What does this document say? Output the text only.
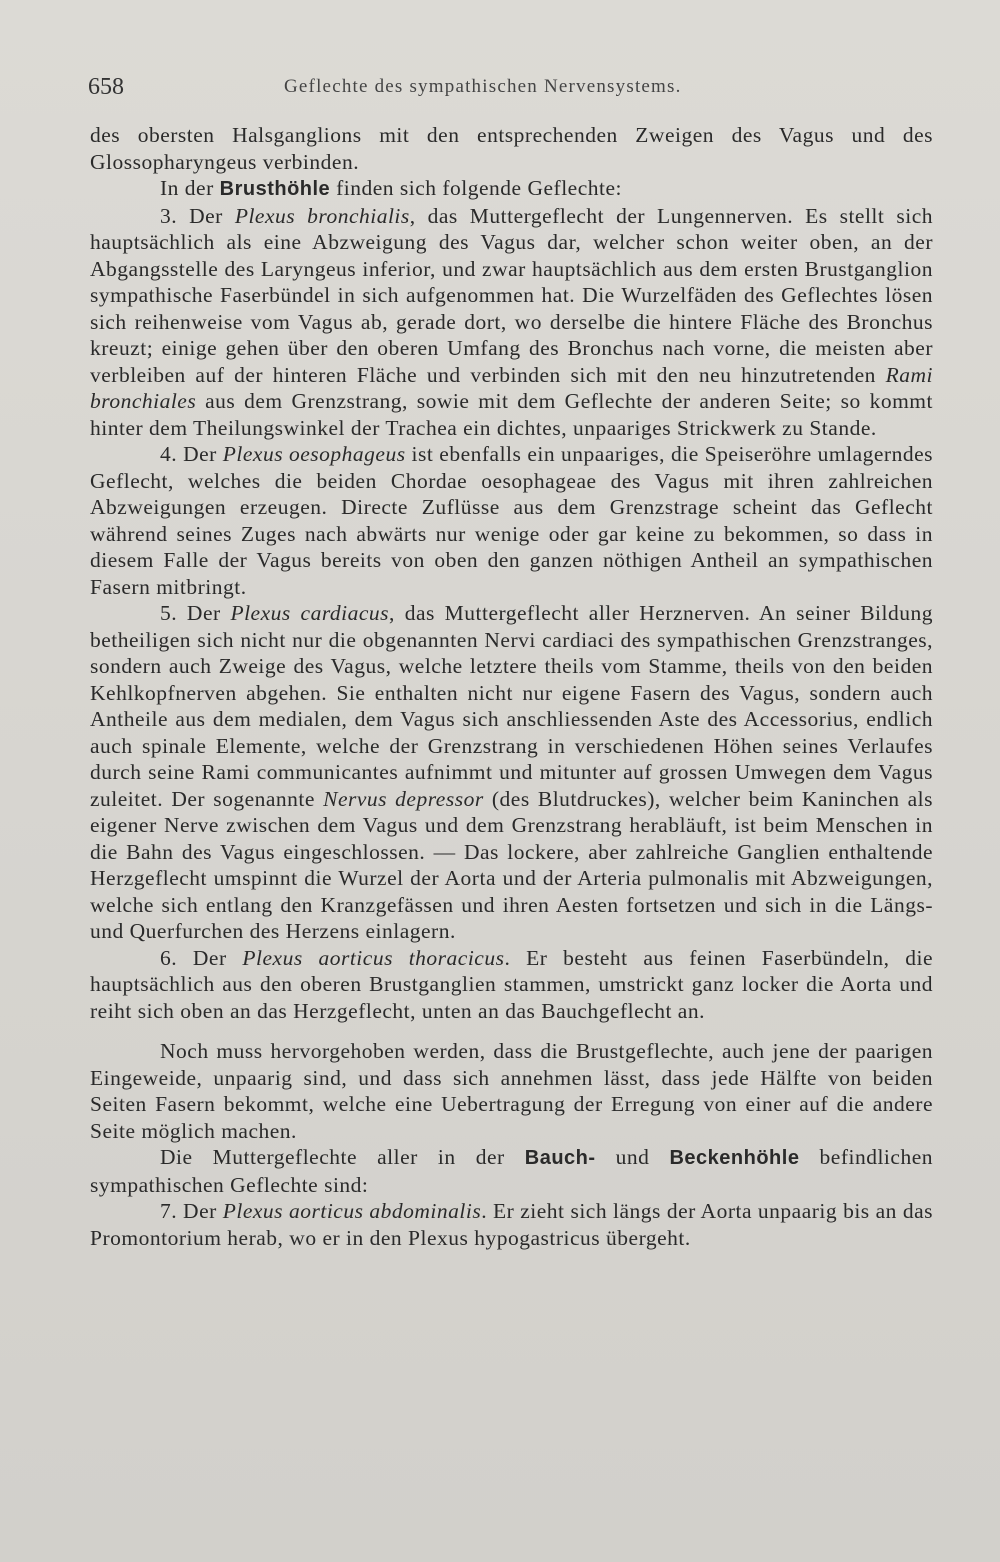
658	Geflechte des sympathischen Nervensystems.

des obersten Halsganglions mit den entsprechenden Zweigen des Vagus und des Glossopharyngeus verbinden.

In der Brusthöhle finden sich folgende Geflechte:

3. Der Plexus bronchialis, das Muttergeflecht der Lungennerven. Es stellt sich hauptsächlich als eine Abzweigung des Vagus dar, welcher schon weiter oben, an der Abgangsstelle des Laryngeus inferior, und zwar hauptsächlich aus dem ersten Brustganglion sympathische Faserbündel in sich aufgenommen hat. Die Wurzelfäden des Geflechtes lösen sich reihenweise vom Vagus ab, gerade dort, wo derselbe die hintere Fläche des Bronchus kreuzt; einige gehen über den oberen Umfang des Bronchus nach vorne, die meisten aber verbleiben auf der hinteren Fläche und verbinden sich mit den neu hinzutretenden Rami bronchiales aus dem Grenzstrang, sowie mit dem Geflechte der anderen Seite; so kommt hinter dem Theilungswinkel der Trachea ein dichtes, unpaariges Strickwerk zu Stande.

4. Der Plexus oesophageus ist ebenfalls ein unpaariges, die Speiseröhre umlagerndes Geflecht, welches die beiden Chordae oesophageae des Vagus mit ihren zahlreichen Abzweigungen erzeugen. Directe Zuflüsse aus dem Grenzstrage scheint das Geflecht während seines Zuges nach abwärts nur wenige oder gar keine zu bekommen, so dass in diesem Falle der Vagus bereits von oben den ganzen nöthigen Antheil an sympathischen Fasern mitbringt.

5. Der Plexus cardiacus, das Muttergeflecht aller Herznerven. An seiner Bildung betheiligen sich nicht nur die obgenannten Nervi cardiaci des sympathischen Grenzstranges, sondern auch Zweige des Vagus, welche letztere theils vom Stamme, theils von den beiden Kehlkopfnerven abgehen. Sie enthalten nicht nur eigene Fasern des Vagus, sondern auch Antheile aus dem medialen, dem Vagus sich anschliessenden Aste des Accessorius, endlich auch spinale Elemente, welche der Grenzstrang in verschiedenen Höhen seines Verlaufes durch seine Rami communicantes aufnimmt und mitunter auf grossen Umwegen dem Vagus zuleitet. Der sogenannte Nervus depressor (des Blutdruckes), welcher beim Kaninchen als eigener Nerve zwischen dem Vagus und dem Grenzstrang herabläuft, ist beim Menschen in die Bahn des Vagus eingeschlossen. — Das lockere, aber zahlreiche Ganglien enthaltende Herzgeflecht umspinnt die Wurzel der Aorta und der Arteria pulmonalis mit Abzweigungen, welche sich entlang den Kranzgefässen und ihren Aesten fortsetzen und sich in die Längs- und Querfurchen des Herzens einlagern.

6. Der Plexus aorticus thoracicus. Er besteht aus feinen Faserbündeln, die hauptsächlich aus den oberen Brustganglien stammen, umstrickt ganz locker die Aorta und reiht sich oben an das Herzgeflecht, unten an das Bauchgeflecht an.

Noch muss hervorgehoben werden, dass die Brustgeflechte, auch jene der paarigen Eingeweide, unpaarig sind, und dass sich annehmen lässt, dass jede Hälfte von beiden Seiten Fasern bekommt, welche eine Uebertragung der Erregung von einer auf die andere Seite möglich machen.

Die Muttergeflechte aller in der Bauch- und Beckenhöhle befindlichen sympathischen Geflechte sind:

7. Der Plexus aorticus abdominalis. Er zieht sich längs der Aorta unpaarig bis an das Promontorium herab, wo er in den Plexus hypogastricus übergeht.
